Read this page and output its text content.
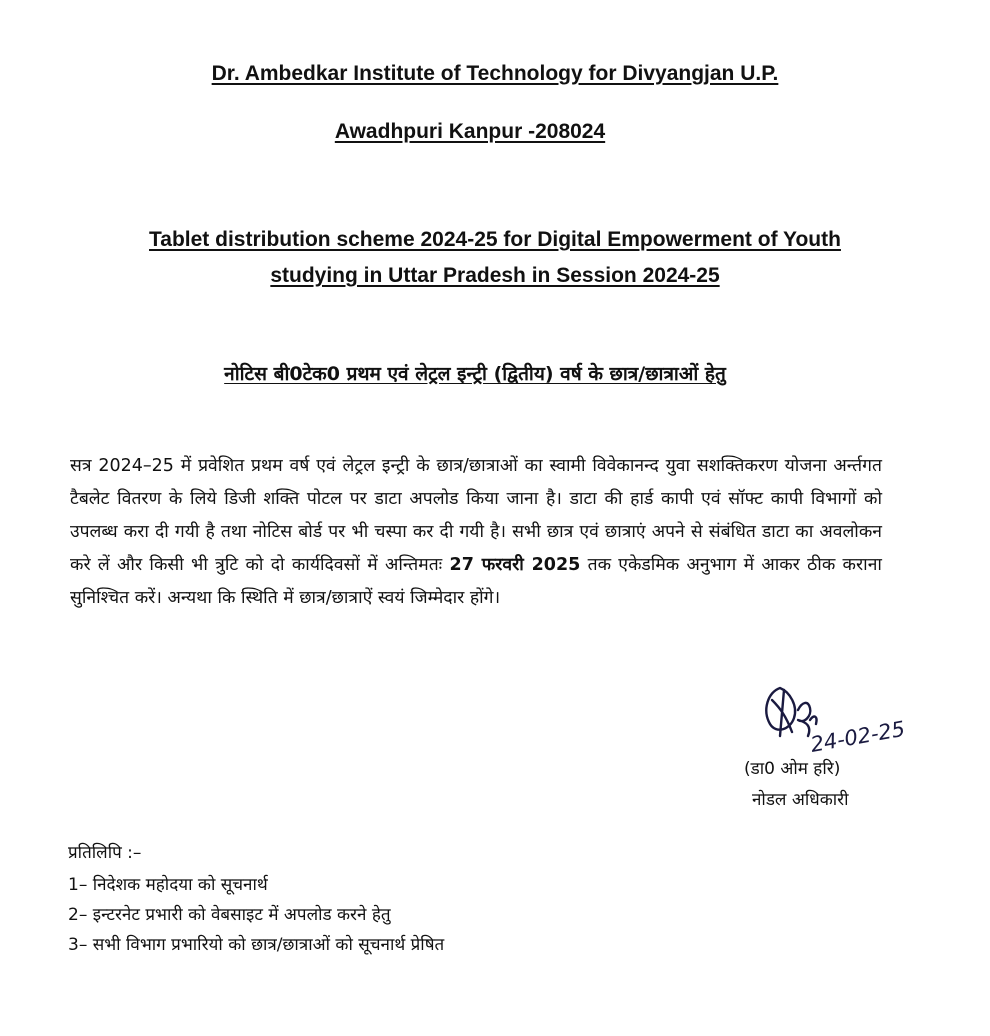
Dr. Ambedkar Institute of Technology for Divyangjan U.P.
Awadhpuri Kanpur -208024
Tablet distribution scheme 2024-25 for Digital Empowerment of Youth
studying in Uttar Pradesh in Session 2024-25
नोटिस बी0टेक0 प्रथम एवं लेट्रल इन्ट्री (द्वितीय) वर्ष के छात्र/छात्राओं हेतु

सत्र 2024–25 में प्रवेशित प्रथम वर्ष एवं लेट्रल इन्ट्री के छात्र/छात्राओं का स्वामी विवेकानन्द युवा सशक्तिकरण योजना अर्न्तगत टैबलेट वितरण के लिये डिजी शक्ति पोटल पर डाटा अपलोड किया जाना है। डाटा की हार्ड कापी एवं सॉफ्ट कापी विभागों को उपलब्ध करा दी गयी है तथा नोटिस बोर्ड पर भी चस्पा कर दी गयी है। सभी छात्र एवं छात्राएं अपने से संबंधित डाटा का अवलोकन करे लें और किसी भी त्रुटि को दो कार्यदिवसों में अन्तिमतः 27 फरवरी 2025 तक एकेडमिक अनुभाग में आकर ठीक कराना सुनिश्चित करें। अन्यथा कि स्थिति में छात्र/छात्राऐं स्वयं जिम्मेदार होंगे।

24-02-25
(डा0 ओम हरि)
नोडल अधिकारी
प्रतिलिपि :–
1– निदेशक महोदया को सूचनार्थ
2– इन्टरनेट प्रभारी को वेबसाइट में अपलोड करने हेतु
3– सभी विभाग प्रभारियो को छात्र/छात्राओं को सूचनार्थ प्रेषित
